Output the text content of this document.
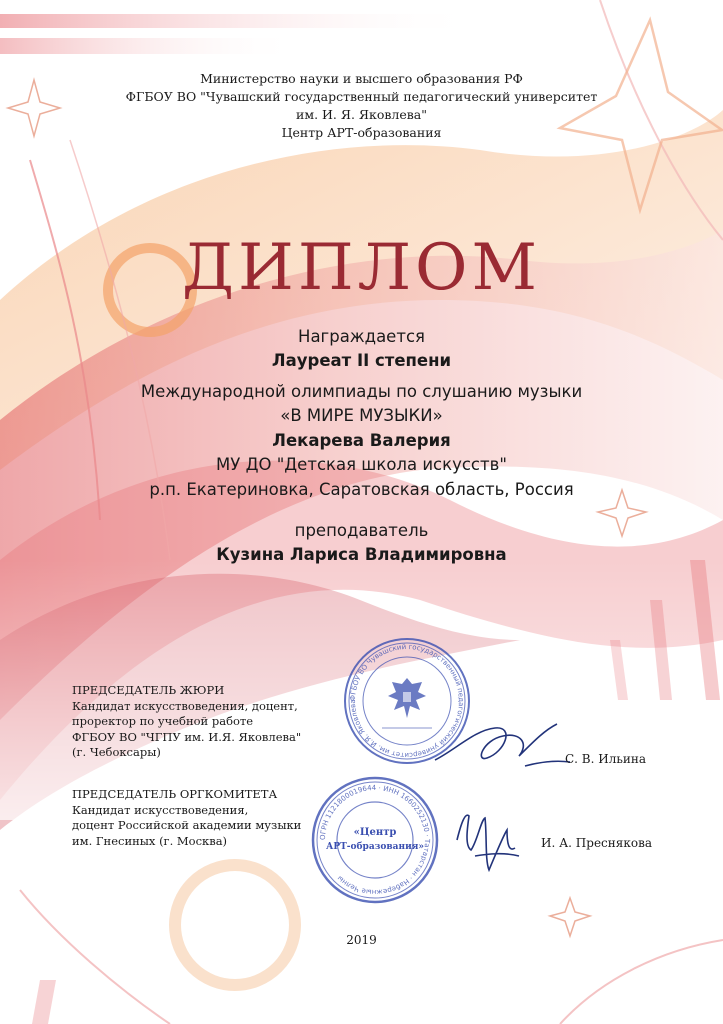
Министерство науки и высшего образования РФ
ФГБОУ ВО "Чувашский государственный педагогический университет
им. И. Я. Яковлева"
Центр АРТ-образования
ДИПЛОМ
Награждается
Лауреат II степени
Международной олимпиады по слушанию музыки
«В МИРЕ МУЗЫКИ»
Лекарева Валерия
МУ ДО "Детская школа искусств"
р.п. Екатериновка, Саратовская область, Россия
преподаватель
Кузина Лариса Владимировна
ФГБОУ ВО Чувашский государственный педагогический университет им. И.Я. Яковлева
ОГРН 1121800019644 · ИНН 1660252130 · Татарстан · Набережные Челны
«Центр
АРТ-образования»
ПРЕДСЕДАТЕЛЬ ЖЮРИ
Кандидат искусствоведения, доцент,
проректор по учебной работе
ФГБОУ ВО "ЧГПУ им. И.Я. Яковлева"
(г. Чебоксары)	С. В. Ильина
ПРЕДСЕДАТЕЛЬ ОРГКОМИТЕТА
Кандидат искусствоведения,
доцент Российской академии музыки
им. Гнесиных (г. Москва)	И. А. Преснякова
2019
